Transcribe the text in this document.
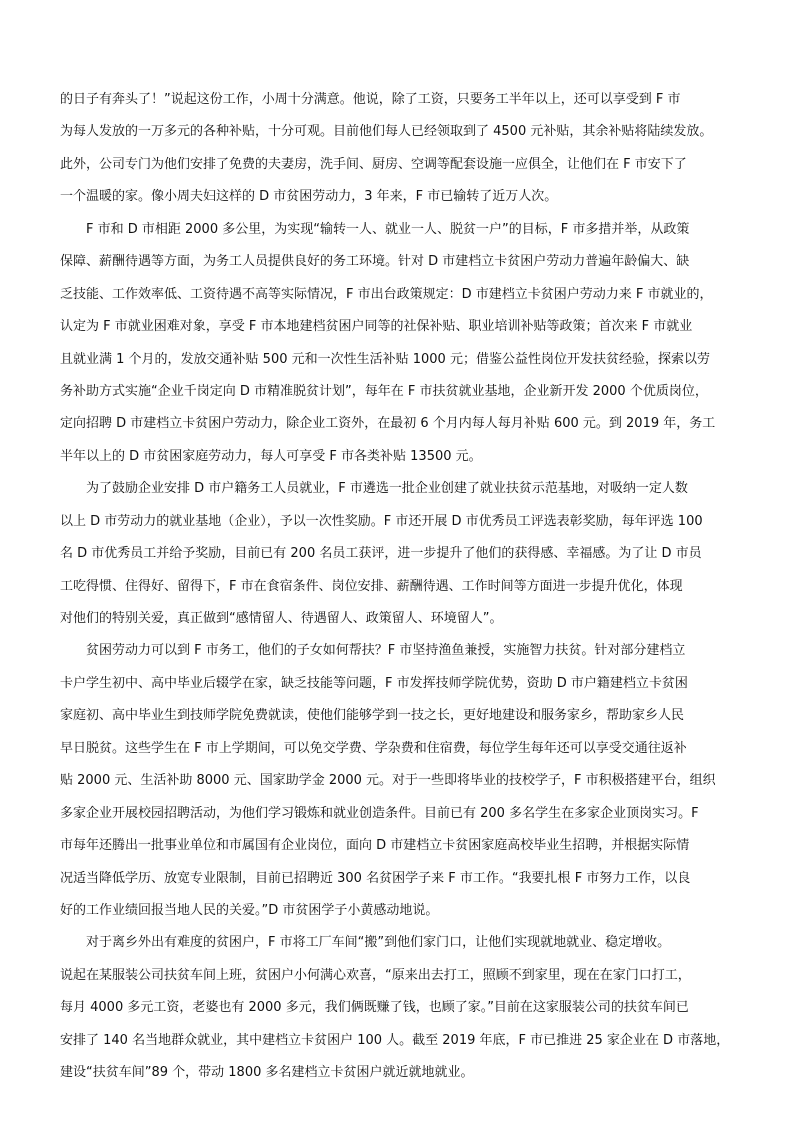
的日子有奔头了！”说起这份工作，小周十分满意。他说，除了工资，只要务工半年以上，还可以享受到 F 市
为每人发放的一万多元的各种补贴，十分可观。目前他们每人已经领取到了 4500 元补贴，其余补贴将陆续发放。
此外，公司专门为他们安排了免费的夫妻房，洗手间、厨房、空调等配套设施一应俱全，让他们在 F 市安下了
一个温暖的家。像小周夫妇这样的 D 市贫困劳动力，3 年来，F 市已输转了近万人次。
F 市和 D 市相距 2000 多公里，为实现“输转一人、就业一人、脱贫一户”的目标，F 市多措并举，从政策
保障、薪酬待遇等方面，为务工人员提供良好的务工环境。针对 D 市建档立卡贫困户劳动力普遍年龄偏大、缺
乏技能、工作效率低、工资待遇不高等实际情况，F 市出台政策规定：D 市建档立卡贫困户劳动力来 F 市就业的，
认定为 F 市就业困难对象，享受 F 市本地建档贫困户同等的社保补贴、职业培训补贴等政策；首次来 F 市就业
且就业满 1 个月的，发放交通补贴 500 元和一次性生活补贴 1000 元；借鉴公益性岗位开发扶贫经验，探索以劳
务补助方式实施“企业千岗定向 D 市精准脱贫计划”，每年在 F 市扶贫就业基地，企业新开发 2000 个优质岗位，
定向招聘 D 市建档立卡贫困户劳动力，除企业工资外，在最初 6 个月内每人每月补贴 600 元。到 2019 年，务工
半年以上的 D 市贫困家庭劳动力，每人可享受 F 市各类补贴 13500 元。
为了鼓励企业安排 D 市户籍务工人员就业，F 市遴选一批企业创建了就业扶贫示范基地，对吸纳一定人数
以上 D 市劳动力的就业基地（企业），予以一次性奖励。F 市还开展 D 市优秀员工评选表彰奖励，每年评选 100
名 D 市优秀员工并给予奖励，目前已有 200 名员工获评，进一步提升了他们的获得感、幸福感。为了让 D 市员
工吃得惯、住得好、留得下，F 市在食宿条件、岗位安排、薪酬待遇、工作时间等方面进一步提升优化，体现
对他们的特别关爱，真正做到“感情留人、待遇留人、政策留人、环境留人”。
贫困劳动力可以到 F 市务工，他们的子女如何帮扶？F 市坚持渔鱼兼授，实施智力扶贫。针对部分建档立
卡户学生初中、高中毕业后辍学在家，缺乏技能等问题，F 市发挥技师学院优势，资助 D 市户籍建档立卡贫困
家庭初、高中毕业生到技师学院免费就读，使他们能够学到一技之长，更好地建设和服务家乡，帮助家乡人民
早日脱贫。这些学生在 F 市上学期间，可以免交学费、学杂费和住宿费，每位学生每年还可以享受交通往返补
贴 2000 元、生活补助 8000 元、国家助学金 2000 元。对于一些即将毕业的技校学子，F 市积极搭建平台，组织
多家企业开展校园招聘活动，为他们学习锻炼和就业创造条件。目前已有 200 多名学生在多家企业顶岗实习。F
市每年还腾出一批事业单位和市属国有企业岗位，面向 D 市建档立卡贫困家庭高校毕业生招聘，并根据实际情
况适当降低学历、放宽专业限制，目前已招聘近 300 名贫困学子来 F 市工作。“我要扎根 F 市努力工作，以良
好的工作业绩回报当地人民的关爱。”D 市贫困学子小黄感动地说。
对于离乡外出有难度的贫困户，F 市将工厂车间“搬”到他们家门口，让他们实现就地就业、稳定增收。
说起在某服装公司扶贫车间上班，贫困户小何满心欢喜，“原来出去打工，照顾不到家里，现在在家门口打工，
每月 4000 多元工资，老婆也有 2000 多元，我们俩既赚了钱，也顾了家。”目前在这家服装公司的扶贫车间已
安排了 140 名当地群众就业，其中建档立卡贫困户 100 人。截至 2019 年底，F 市已推进 25 家企业在 D 市落地，
建设“扶贫车间”89 个，带动 1800 多名建档立卡贫困户就近就地就业。
